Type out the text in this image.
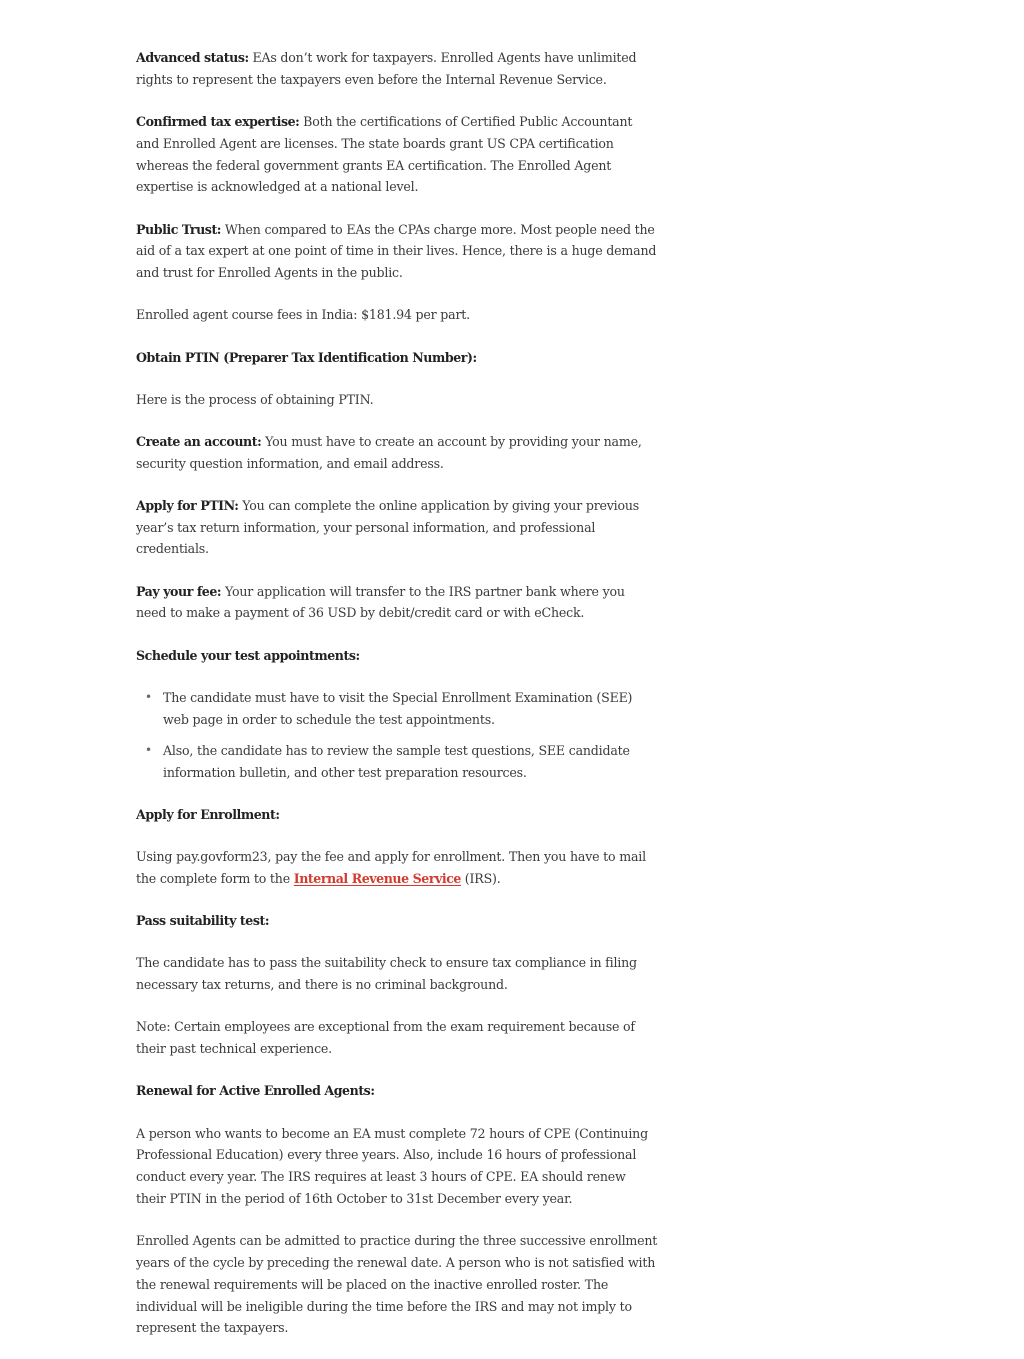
Advanced status: EAs don’t work for taxpayers. Enrolled Agents have unlimited rights to represent the taxpayers even before the Internal Revenue Service.

Confirmed tax expertise: Both the certifications of Certified Public Accountant and Enrolled Agent are licenses. The state boards grant US CPA certification whereas the federal government grants EA certification. The Enrolled Agent expertise is acknowledged at a national level.

Public Trust: When compared to EAs the CPAs charge more. Most people need the aid of a tax expert at one point of time in their lives. Hence, there is a huge demand and trust for Enrolled Agents in the public.

Enrolled agent course fees in India: $181.94 per part.

Obtain PTIN (Preparer Tax Identification Number):

Here is the process of obtaining PTIN.

Create an account: You must have to create an account by providing your name, security question information, and email address.

Apply for PTIN: You can complete the online application by giving your previous year’s tax return information, your personal information, and professional credentials.

Pay your fee: Your application will transfer to the IRS partner bank where you need to make a payment of 36 USD by debit/credit card or with eCheck.

Schedule your test appointments:

• The candidate must have to visit the Special Enrollment Examination (SEE) web page in order to schedule the test appointments.
• Also, the candidate has to review the sample test questions, SEE candidate information bulletin, and other test preparation resources.

Apply for Enrollment:

Using pay.govform23, pay the fee and apply for enrollment. Then you have to mail the complete form to the Internal Revenue Service (IRS).

Pass suitability test:

The candidate has to pass the suitability check to ensure tax compliance in filing necessary tax returns, and there is no criminal background.

Note: Certain employees are exceptional from the exam requirement because of their past technical experience.

Renewal for Active Enrolled Agents:

A person who wants to become an EA must complete 72 hours of CPE (Continuing Professional Education) every three years. Also, include 16 hours of professional conduct every year. The IRS requires at least 3 hours of CPE. EA should renew their PTIN in the period of 16th October to 31st December every year.

Enrolled Agents can be admitted to practice during the three successive enrollment years of the cycle by preceding the renewal date. A person who is not satisfied with the renewal requirements will be placed on the inactive enrolled roster. The individual will be ineligible during the time before the IRS and may not imply to represent the taxpayers.
